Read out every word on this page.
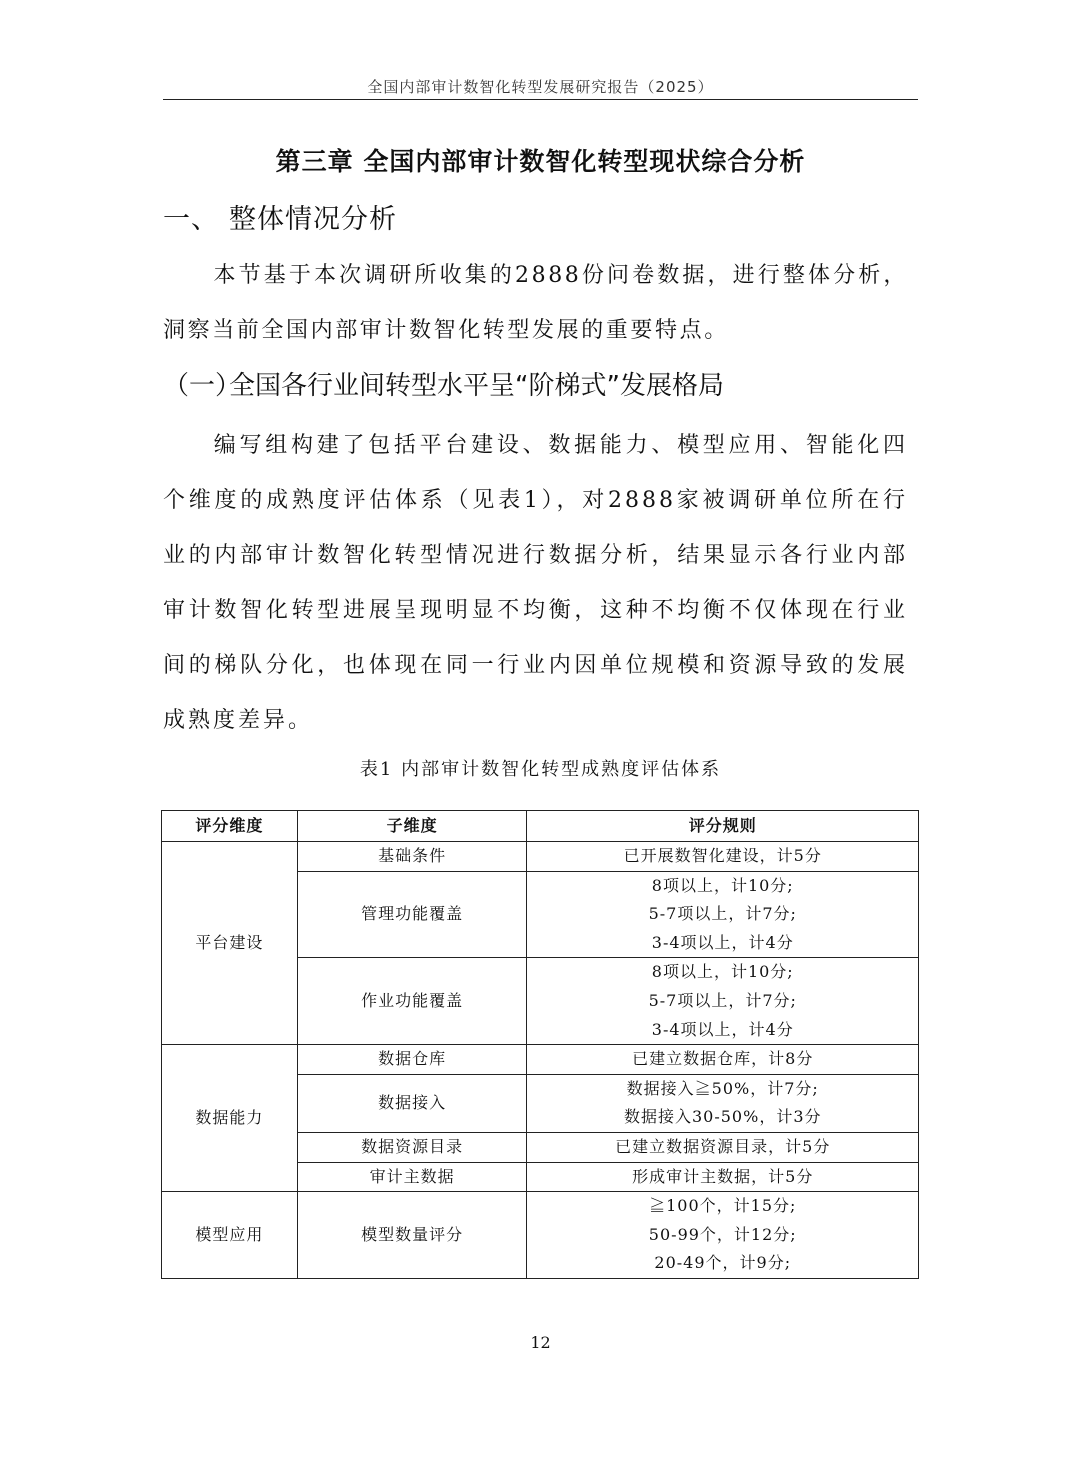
全国内部审计数智化转型发展研究报告（2025）
第三章 全国内部审计数智化转型现状综合分析
一、 整体情况分析
本节基于本次调研所收集的2888份问卷数据，进行整体分析，洞察当前全国内部审计数智化转型发展的重要特点。
（一）全国各行业间转型水平呈“阶梯式”发展格局
编写组构建了包括平台建设、数据能力、模型应用、智能化四个维度的成熟度评估体系（见表1），对2888家被调研单位所在行业的内部审计数智化转型情况进行数据分析，结果显示各行业内部审计数智化转型进展呈现明显不均衡，这种不均衡不仅体现在行业间的梯队分化，也体现在同一行业内因单位规模和资源导致的发展成熟度差异。
表1 内部审计数智化转型成熟度评估体系
评分维度	子维度	评分规则
平台建设	基础条件	已开展数智化建设，计5分

	管理功能覆盖	8项以上，计10分;
5-7项以上，计7分;
3-4项以上，计4分

	作业功能覆盖	8项以上，计10分;
5-7项以上，计7分;
3-4项以上，计4分

数据能力	数据仓库	已建立数据仓库，计8分

	数据接入	数据接入≧50%，计7分;
数据接入30-50%，计3分

	数据资源目录	已建立数据资源目录，计5分

	审计主数据	形成审计主数据，计5分

模型应用	模型数量评分	≧100个，计15分;
50-99个，计12分;
20-49个，计9分;
12
